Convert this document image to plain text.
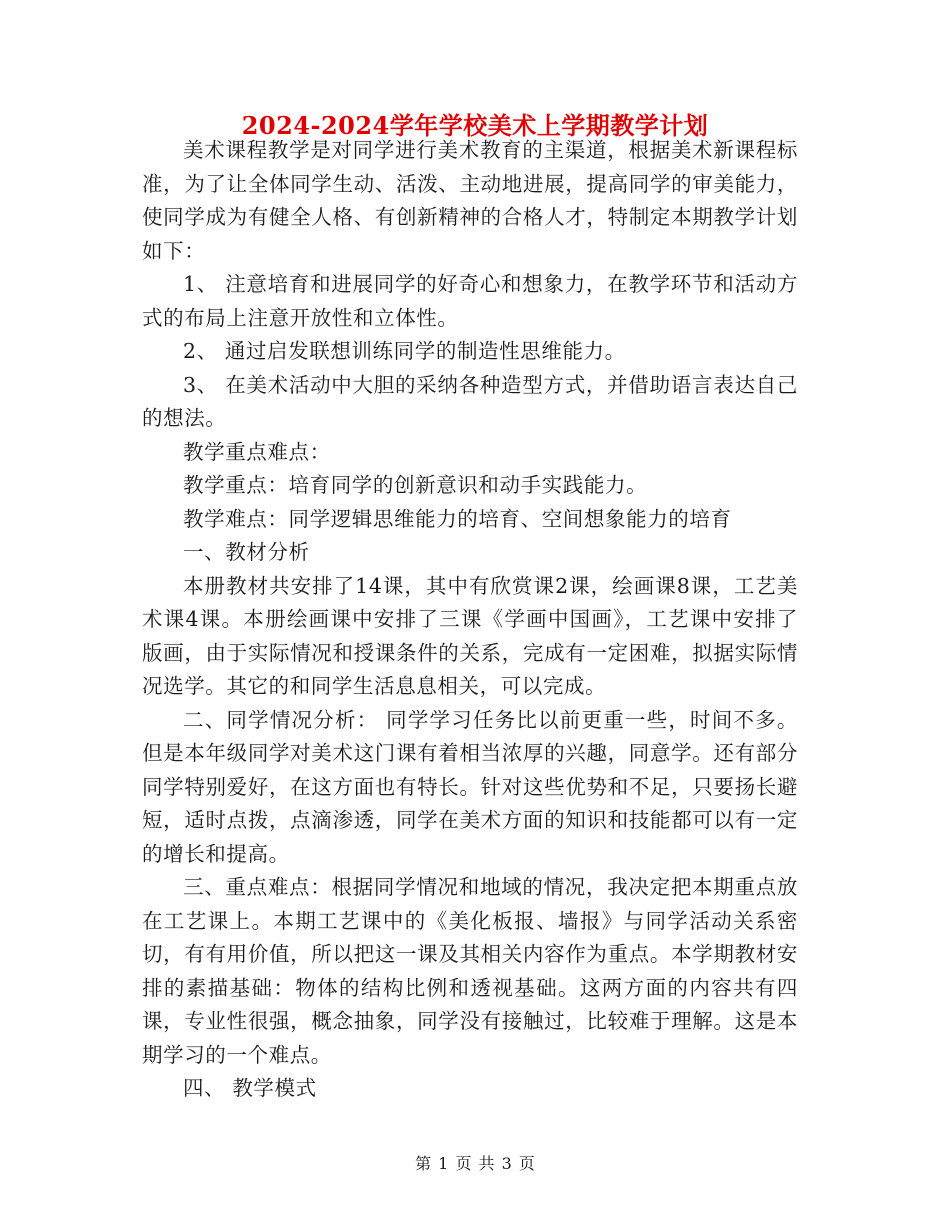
2024-2024学年学校美术上学期教学计划

美术课程教学是对同学进行美术教育的主渠道，根据美术新课程标准，为了让全体同学生动、活泼、主动地进展，提高同学的审美能力，使同学成为有健全人格、有创新精神的合格人才，特制定本期教学计划如下：

1、 注意培育和进展同学的好奇心和想象力，在教学环节和活动方式的布局上注意开放性和立体性。

2、 通过启发联想训练同学的制造性思维能力。

3、 在美术活动中大胆的采纳各种造型方式，并借助语言表达自己的想法。

教学重点难点：

教学重点：培育同学的创新意识和动手实践能力。

教学难点：同学逻辑思维能力的培育、空间想象能力的培育

一、教材分析

本册教材共安排了14课，其中有欣赏课2课，绘画课8课，工艺美术课4课。本册绘画课中安排了三课《学画中国画》，工艺课中安排了版画，由于实际情况和授课条件的关系，完成有一定困难，拟据实际情况选学。其它的和同学生活息息相关，可以完成。

二、同学情况分析： 同学学习任务比以前更重一些，时间不多。但是本年级同学对美术这门课有着相当浓厚的兴趣，同意学。还有部分同学特别爱好，在这方面也有特长。针对这些优势和不足，只要扬长避短，适时点拨，点滴渗透，同学在美术方面的知识和技能都可以有一定的增长和提高。

三、重点难点：根据同学情况和地域的情况，我决定把本期重点放在工艺课上。本期工艺课中的《美化板报、墙报》与同学活动关系密切，有有用价值，所以把这一课及其相关内容作为重点。本学期教材安排的素描基础：物体的结构比例和透视基础。这两方面的内容共有四课，专业性很强，概念抽象，同学没有接触过，比较难于理解。这是本期学习的一个难点。

四、 教学模式

第 1 页 共 3 页
